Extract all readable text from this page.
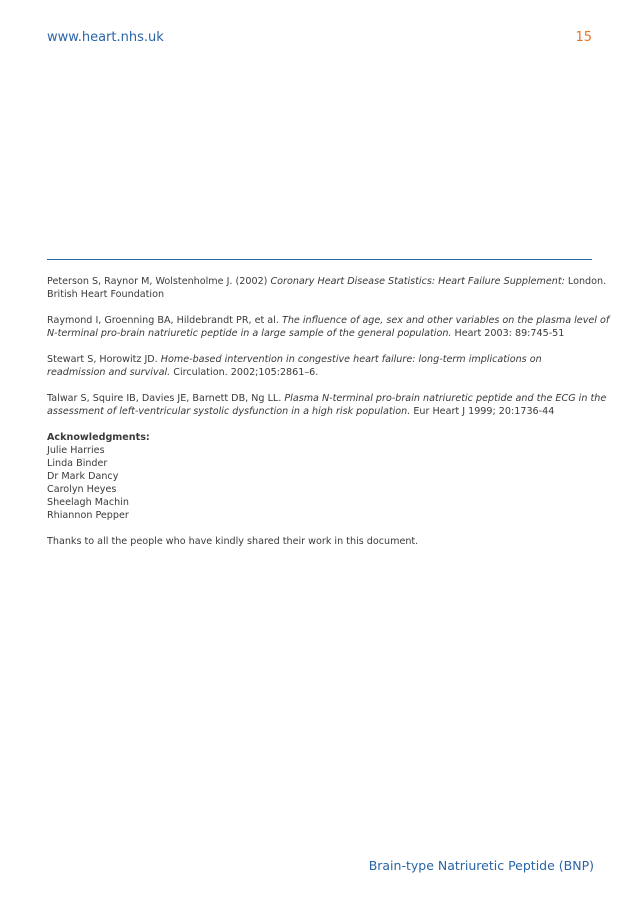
www.heart.nhs.uk	15
Peterson S, Raynor M, Wolstenholme J. (2002) Coronary Heart Disease Statistics: Heart Failure Supplement: London.
British Heart Foundation
Raymond I, Groenning BA, Hildebrandt PR, et al. The influence of age, sex and other variables on the plasma level of
N-terminal pro-brain natriuretic peptide in a large sample of the general population. Heart 2003: 89:745-51
Stewart S, Horowitz JD. Home-based intervention in congestive heart failure: long-term implications on
readmission and survival. Circulation. 2002;105:2861–6.
Talwar S, Squire IB, Davies JE, Barnett DB, Ng LL. Plasma N-terminal pro-brain natriuretic peptide and the ECG in the
assessment of left-ventricular systolic dysfunction in a high risk population. Eur Heart J 1999; 20:1736-44
Acknowledgments:
Julie Harries
Linda Binder
Dr Mark Dancy
Carolyn Heyes
Sheelagh Machin
Rhiannon Pepper

Thanks to all the people who have kindly shared their work in this document.

Brain-type Natriuretic Peptide (BNP)
